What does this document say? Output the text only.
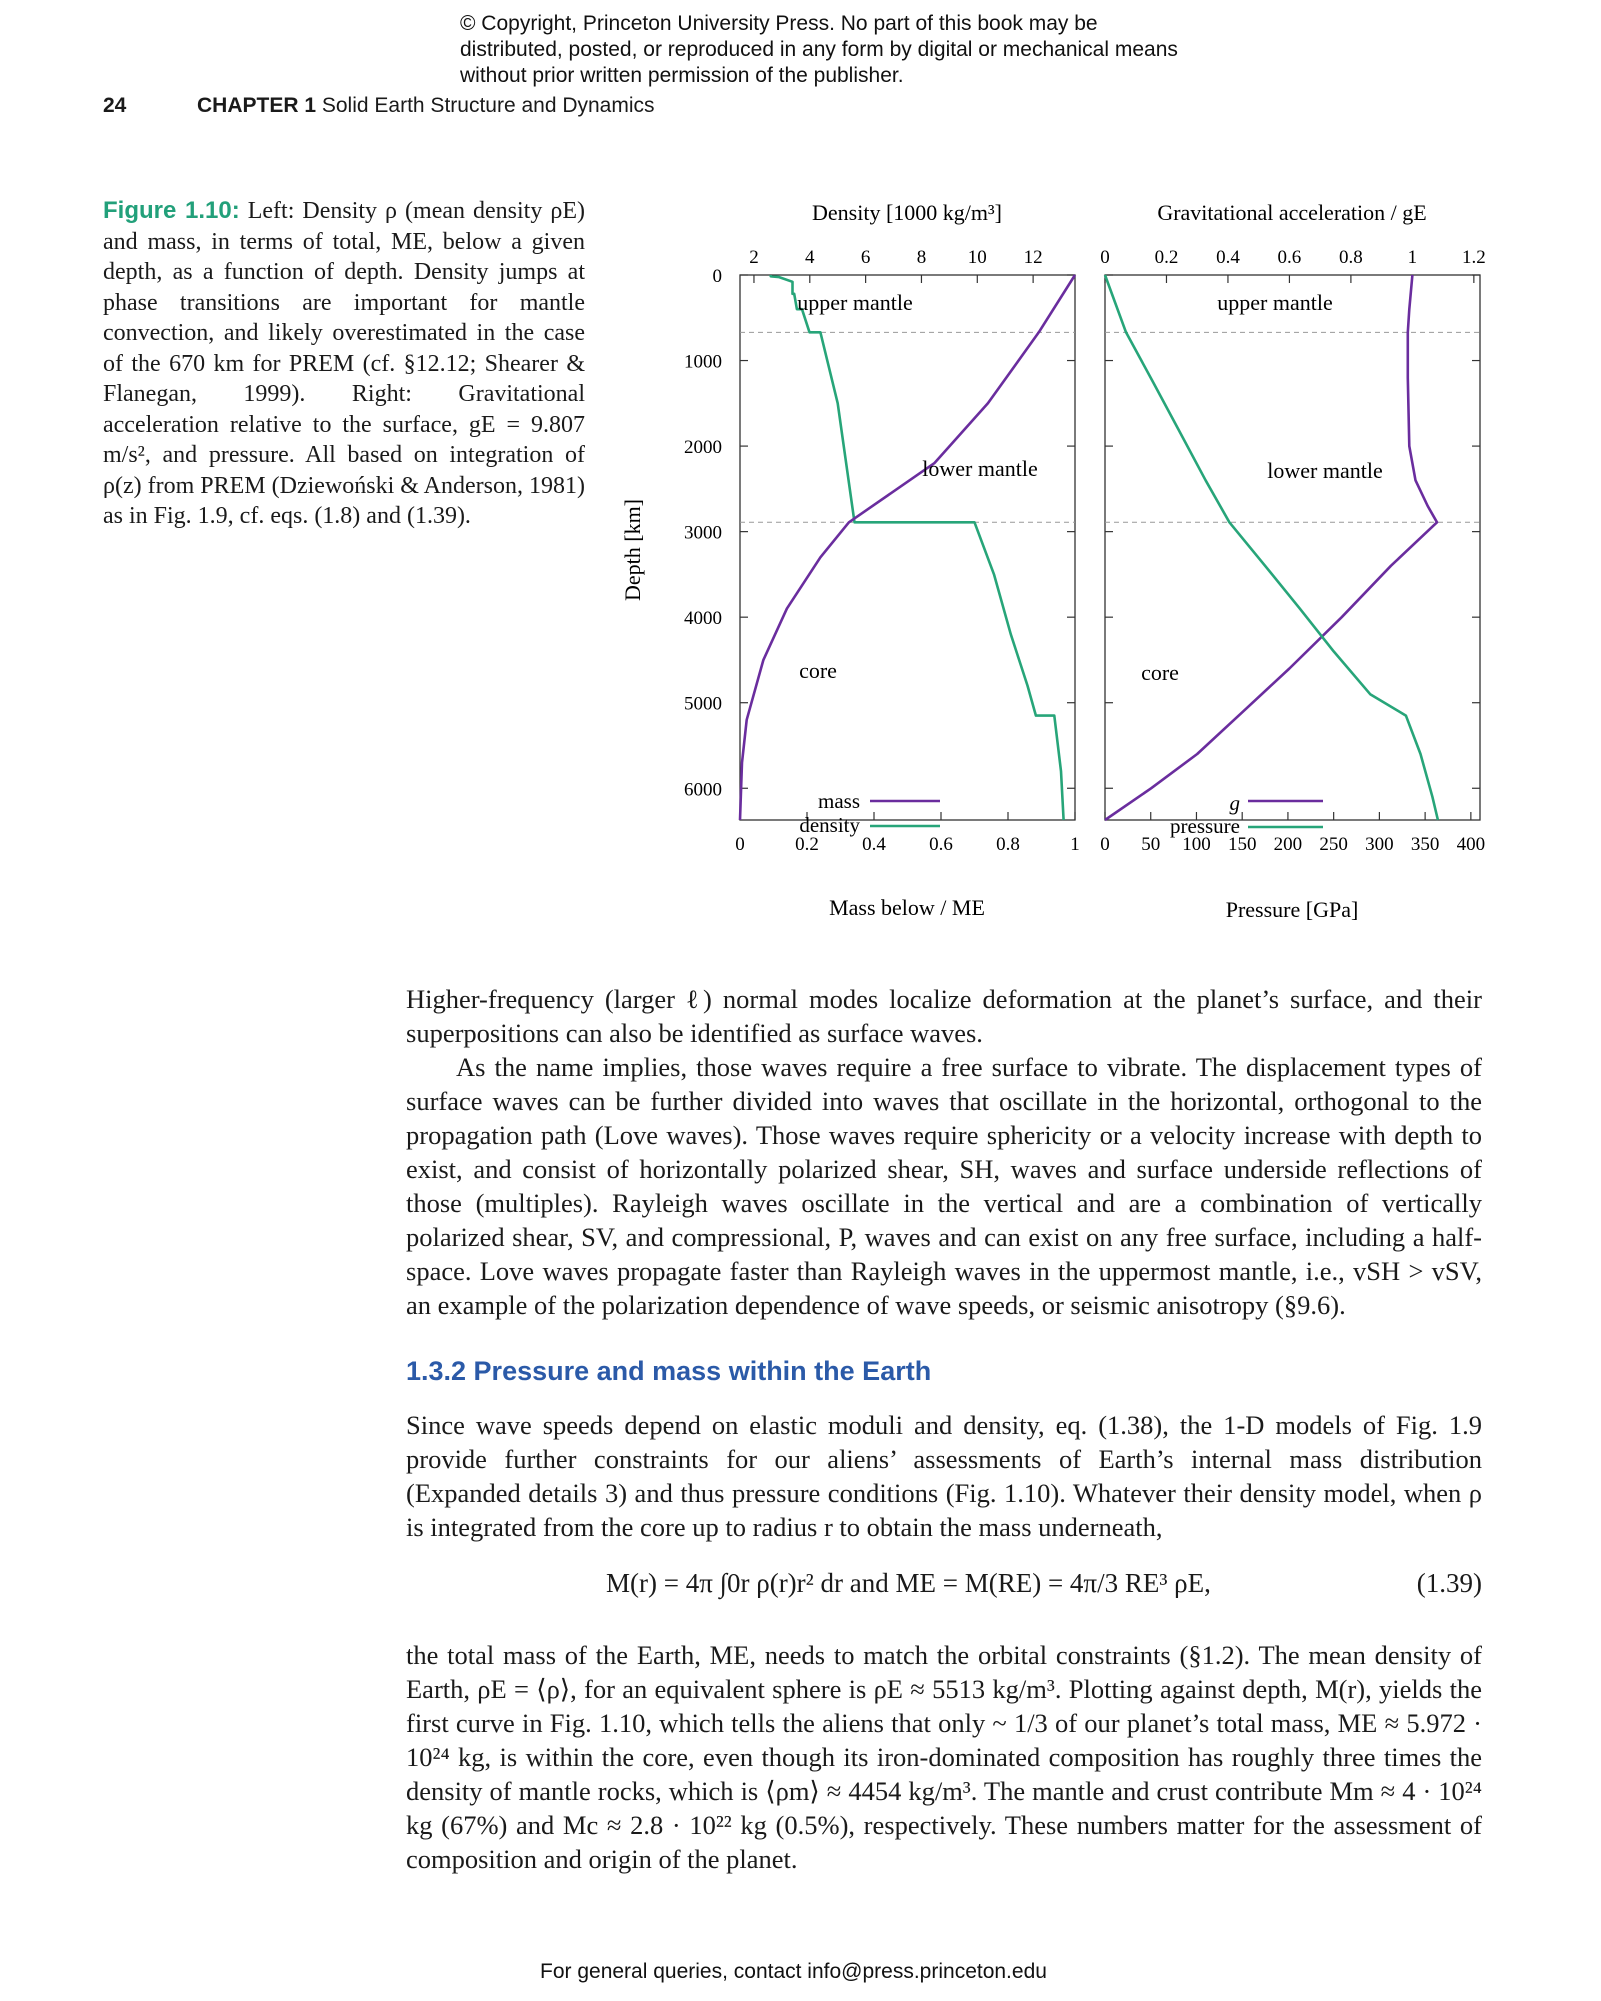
© Copyright, Princeton University Press. No part of this book may be distributed, posted, or reproduced in any form by digital or mechanical means without prior written permission of the publisher.
24	CHAPTER 1 Solid Earth Structure and Dynamics
Figure 1.10: Left: Density ρ (mean density ρE) and mass, in terms of total, ME, below a given depth, as a function of depth. Density jumps at phase transitions are important for mantle convection, and likely overestimated in the case of the 670 km for PREM (cf. §12.12; Shearer & Flanegan, 1999). Right: Gravitational acceleration relative to the surface, gE = 9.807 m/s², and pressure. All based on integration of ρ(z) from PREM (Dziewoński & Anderson, 1981) as in Fig. 1.9, cf. eqs. (1.8) and (1.39).
2 4 6 8 10 12
0	0.2 0.4 0.6 0.8	1
0
1000
2000
3000
4000
5000
6000
Density [1000 kg/m³]
Mass below / ME
Depth [km]
upper mantle
lower mantle
core
mass
density
0 0.2 0.4 0.6 0.8 1 1.2
0 50 100 150 200 250 300 350 400
Gravitational acceleration / gE
Pressure [GPa]
upper mantle
lower mantle
core
g
pressure
Higher-frequency (larger ℓ) normal modes localize deformation at the planet’s surface, and their superpositions can also be identified as surface waves.
As the name implies, those waves require a free surface to vibrate. The displacement types of surface waves can be further divided into waves that oscillate in the horizontal, orthogonal to the propagation path (Love waves). Those waves require sphericity or a velocity increase with depth to exist, and consist of horizontally polarized shear, SH, waves and surface underside reflections of those (multiples). Rayleigh waves oscillate in the vertical and are a combination of vertically polarized shear, SV, and compressional, P, waves and can exist on any free surface, including a half-space. Love waves propagate faster than Rayleigh waves in the uppermost mantle, i.e., vSH > vSV, an example of the polarization dependence of wave speeds, or seismic anisotropy (§9.6).
1.3.2 Pressure and mass within the Earth
Since wave speeds depend on elastic moduli and density, eq. (1.38), the 1-D models of Fig. 1.9 provide further constraints for our aliens’ assessments of Earth’s internal mass distribution (Expanded details 3) and thus pressure conditions (Fig. 1.10). Whatever their density model, when ρ is integrated from the core up to radius r to obtain the mass underneath,
M(r) = 4π ∫0r ρ(r)r² dr and ME = M(RE) = 4π/3 RE³ ρE,	(1.39)
the total mass of the Earth, ME, needs to match the orbital constraints (§1.2). The mean density of Earth, ρE = ⟨ρ⟩, for an equivalent sphere is ρE ≈ 5513 kg/m³. Plotting against depth, M(r), yields the first curve in Fig. 1.10, which tells the aliens that only ~ 1/3 of our planet’s total mass, ME ≈ 5.972 · 10²⁴ kg, is within the core, even though its iron-dominated composition has roughly three times the density of mantle rocks, which is ⟨ρm⟩ ≈ 4454 kg/m³. The mantle and crust contribute Mm ≈ 4 · 10²⁴ kg (67%) and Mc ≈ 2.8 · 10²² kg (0.5%), respectively. These numbers matter for the assessment of composition and origin of the planet.
For general queries, contact info@press.princeton.edu
